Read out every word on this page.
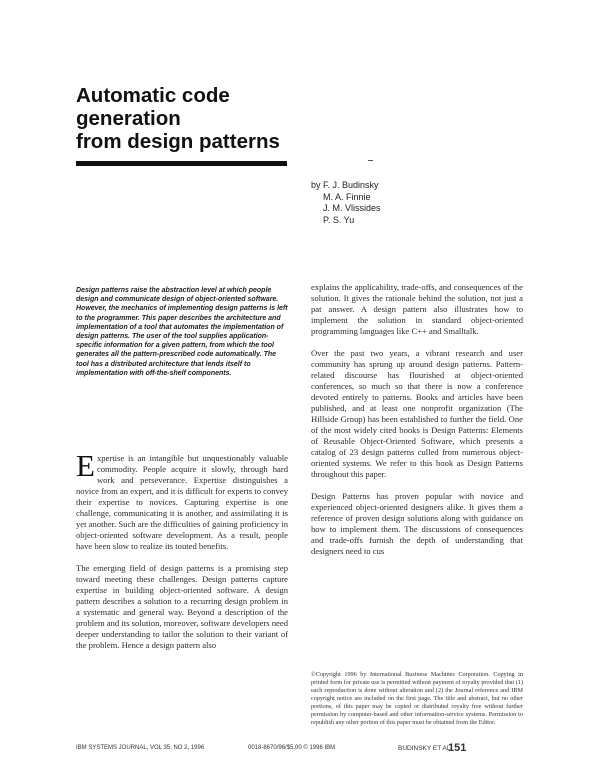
Automatic code
generation
from design patterns
by F. J. Budinsky
M. A. Finnie
J. M. Vlissides
P. S. Yu
Design patterns raise the abstraction level at which people design and communicate design of object-oriented software. However, the mechanics of implementing design patterns is left to the programmer. This paper describes the architecture and implementation of a tool that automates the implementation of design patterns. The user of the tool supplies application-specific information for a given pattern, from which the tool generates all the pattern-prescribed code automatically. The tool has a distributed architecture that lends itself to implementation with off-the-shelf components.

Expertise is an intangible but unquestionably valuable commodity. People acquire it slowly, through hard work and perseverance. Expertise distinguishes a novice from an expert, and it is difficult for experts to convey their expertise to novices. Capturing expertise is one challenge, communicating it is another, and assimilating it is yet another. Such are the difficulties of gaining proficiency in object-oriented software development. As a result, people have been slow to realize its touted benefits.

The emerging field of design patterns is a promising step toward meeting these challenges. Design patterns capture expertise in building object-oriented software. A design pattern describes a solution to a recurring design problem in a systematic and general way. Beyond a description of the problem and its solution, moreover, software developers need deeper understanding to tailor the solution to their variant of the problem. Hence a design pattern also

explains the applicability, trade-offs, and consequences of the solution. It gives the rationale behind the solution, not just a pat answer. A design pattern also illustrates how to implement the solution in standard object-oriented programming languages like C++ and Smalltalk.

Over the past two years, a vibrant research and user community has sprung up around design patterns. Pattern-related discourse has flourished at object-oriented conferences, so much so that there is now a conference devoted entirely to patterns. Books and articles have been published, and at least one nonprofit organization (The Hillside Group) has been established to further the field. One of the most widely cited books is Design Patterns: Elements of Reusable Object-Oriented Software, which presents a catalog of 23 design patterns culled from numerous object-oriented systems. We refer to this book as Design Patterns throughout this paper.

Design Patterns has proven popular with novice and experienced object-oriented designers alike. It gives them a reference of proven design solutions along with guidance on how to implement them. The discussions of consequences and trade-offs furnish the depth of understanding that designers need to cus

©Copyright 1996 by International Business Machines Corporation. Copying in printed form for private use is permitted without payment of royalty provided that (1) each reproduction is done without alteration and (2) the Journal reference and IBM copyright notice are included on the first page. The title and abstract, but no other portions, of this paper may be copied or distributed royalty free without further permission by computer-based and other information-service systems. Permission to republish any other portion of this paper must be obtained from the Editor.
IBM SYSTEMS JOURNAL, VOL 35, NO 2, 1996	0018-8670/96/$5.00 © 1996 IBM	BUDINSKY ET AL.
151
